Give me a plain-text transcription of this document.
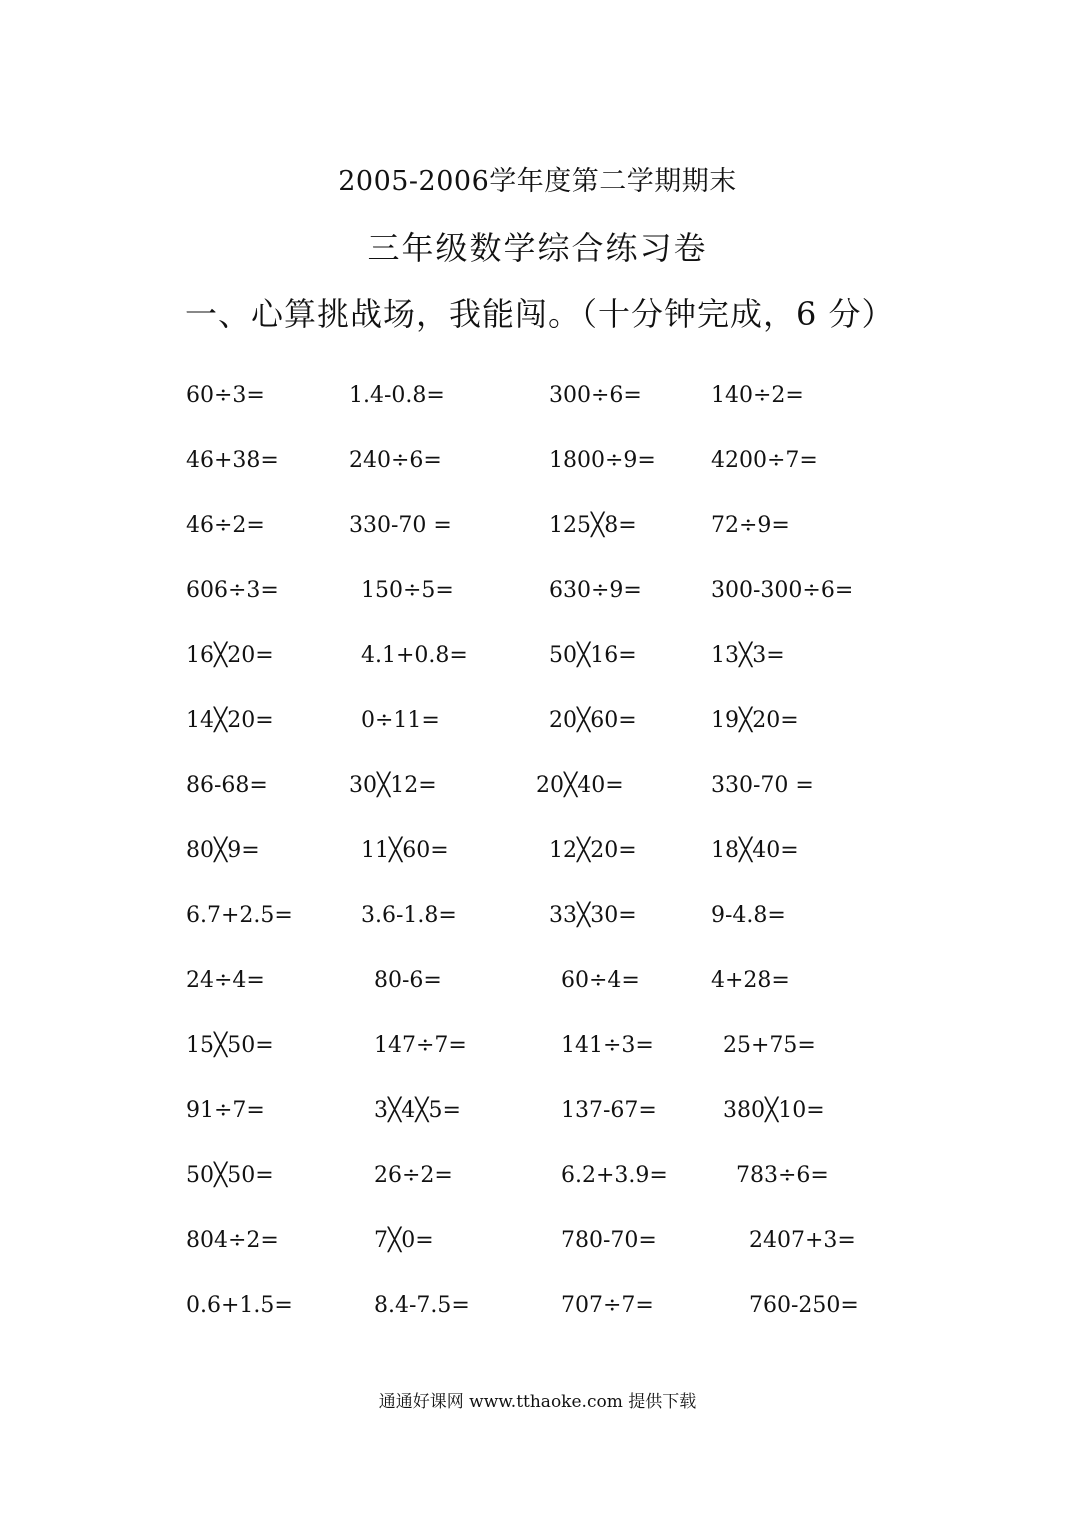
2005-2006学年度第二学期期末
三年级数学综合练习卷
一、心算挑战场，我能闯。（十分钟完成，6 分）
60÷3=	1.4-0.8=	300÷6=	140÷2=
46+38=	240÷6=	1800÷9=	4200÷7=
46÷2=	330-70 =	125╳8=	72÷9=
606÷3=	150÷5=	630÷9=	300-300÷6=
16╳20=	4.1+0.8=	50╳16=	13╳3=
14╳20=	0÷11=	20╳60=	19╳20=
86-68=	30╳12=	20╳40=	330-70 =
80╳9=	11╳60=	12╳20=	18╳40=
6.7+2.5=	3.6-1.8=	33╳30=	9-4.8=
24÷4=	80-6=	60÷4=	4+28=
15╳50=	147÷7=	141÷3=	25+75=
91÷7=	3╳4╳5=	137-67=	380╳10=
50╳50=	26÷2=	6.2+3.9=	783÷6=
804÷2=	7╳0=	780-70=	2407+3=
0.6+1.5=	8.4-7.5=	707÷7=	760-250=
通通好课网 www.tthaoke.com 提供下载
